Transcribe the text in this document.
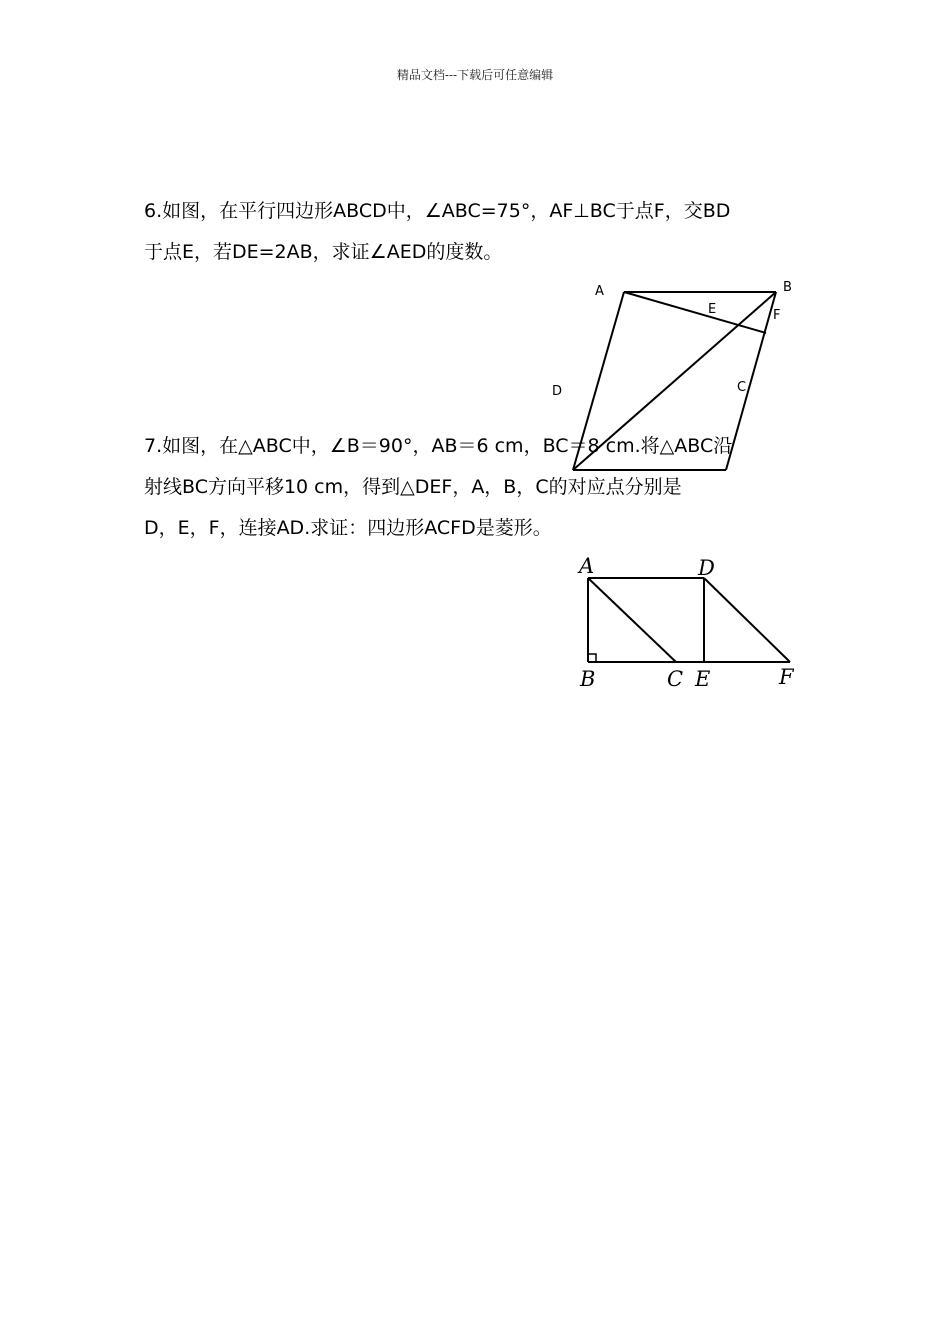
精品文档---下载后可任意编辑

6.如图，在平行四边形ABCD中，∠ABC=75°，AF⊥BC于点F，交BD

于点E，若DE=2AB，求证∠AED的度数。

A	B
E	F
C
D
A	D
B	C E	F

7.如图，在△ABC中，∠B＝90°，AB＝6 cm，BC＝8 cm.将△ABC沿

射线BC方向平移10 cm，得到△DEF，A，B，C的对应点分别是

D，E，F，连接AD.求证：四边形ACFD是菱形。
